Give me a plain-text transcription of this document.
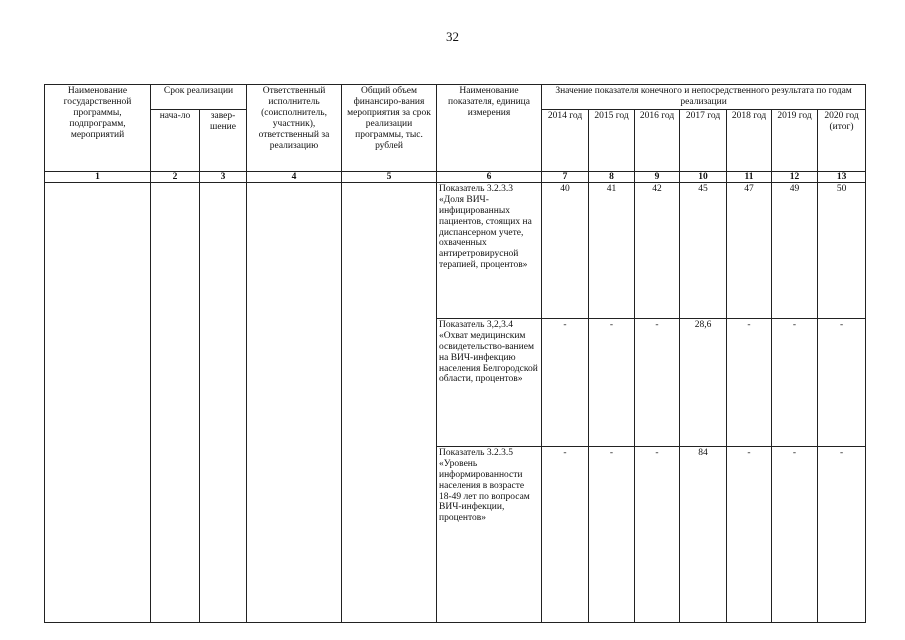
32
Наименование государственной программы, подпрограмм, мероприятий	Срок реализации		Ответственный исполнитель (соисполнитель, участник), ответственный за реализацию	Общий объем финансиро-вания мероприятия за срок реализации программы, тыс. рублей	Наименование показателя, единица измерения	Значение показателя конечного и непосредственного результата по годам реализации						
	нача-ло	завер-шение				2014 год	2015 год	2016 год	2017 год	2018 год	2019 год	2020 год (итог)
1	2	3	4	5	6	7	8	9	10	11	12	13
					Показатель 3.2.3.3 «Доля ВИЧ-инфицированных пациентов, стоящих на диспансерном учете, охваченных антиретровирусной терапией, процентов»	40	41	42	45	47	49	50
					Показатель 3,2,3.4 «Охват медицинским освидетельство-ванием на ВИЧ-инфекцию населения Белгородской области, процентов»	-	-	-	28,6	-	-	-
					Показатель 3.2.3.5 «Уровень информированности населения в возрасте 18-49 лет по вопросам ВИЧ-инфекции, процентов»	-	-	-	84	-	-	-
